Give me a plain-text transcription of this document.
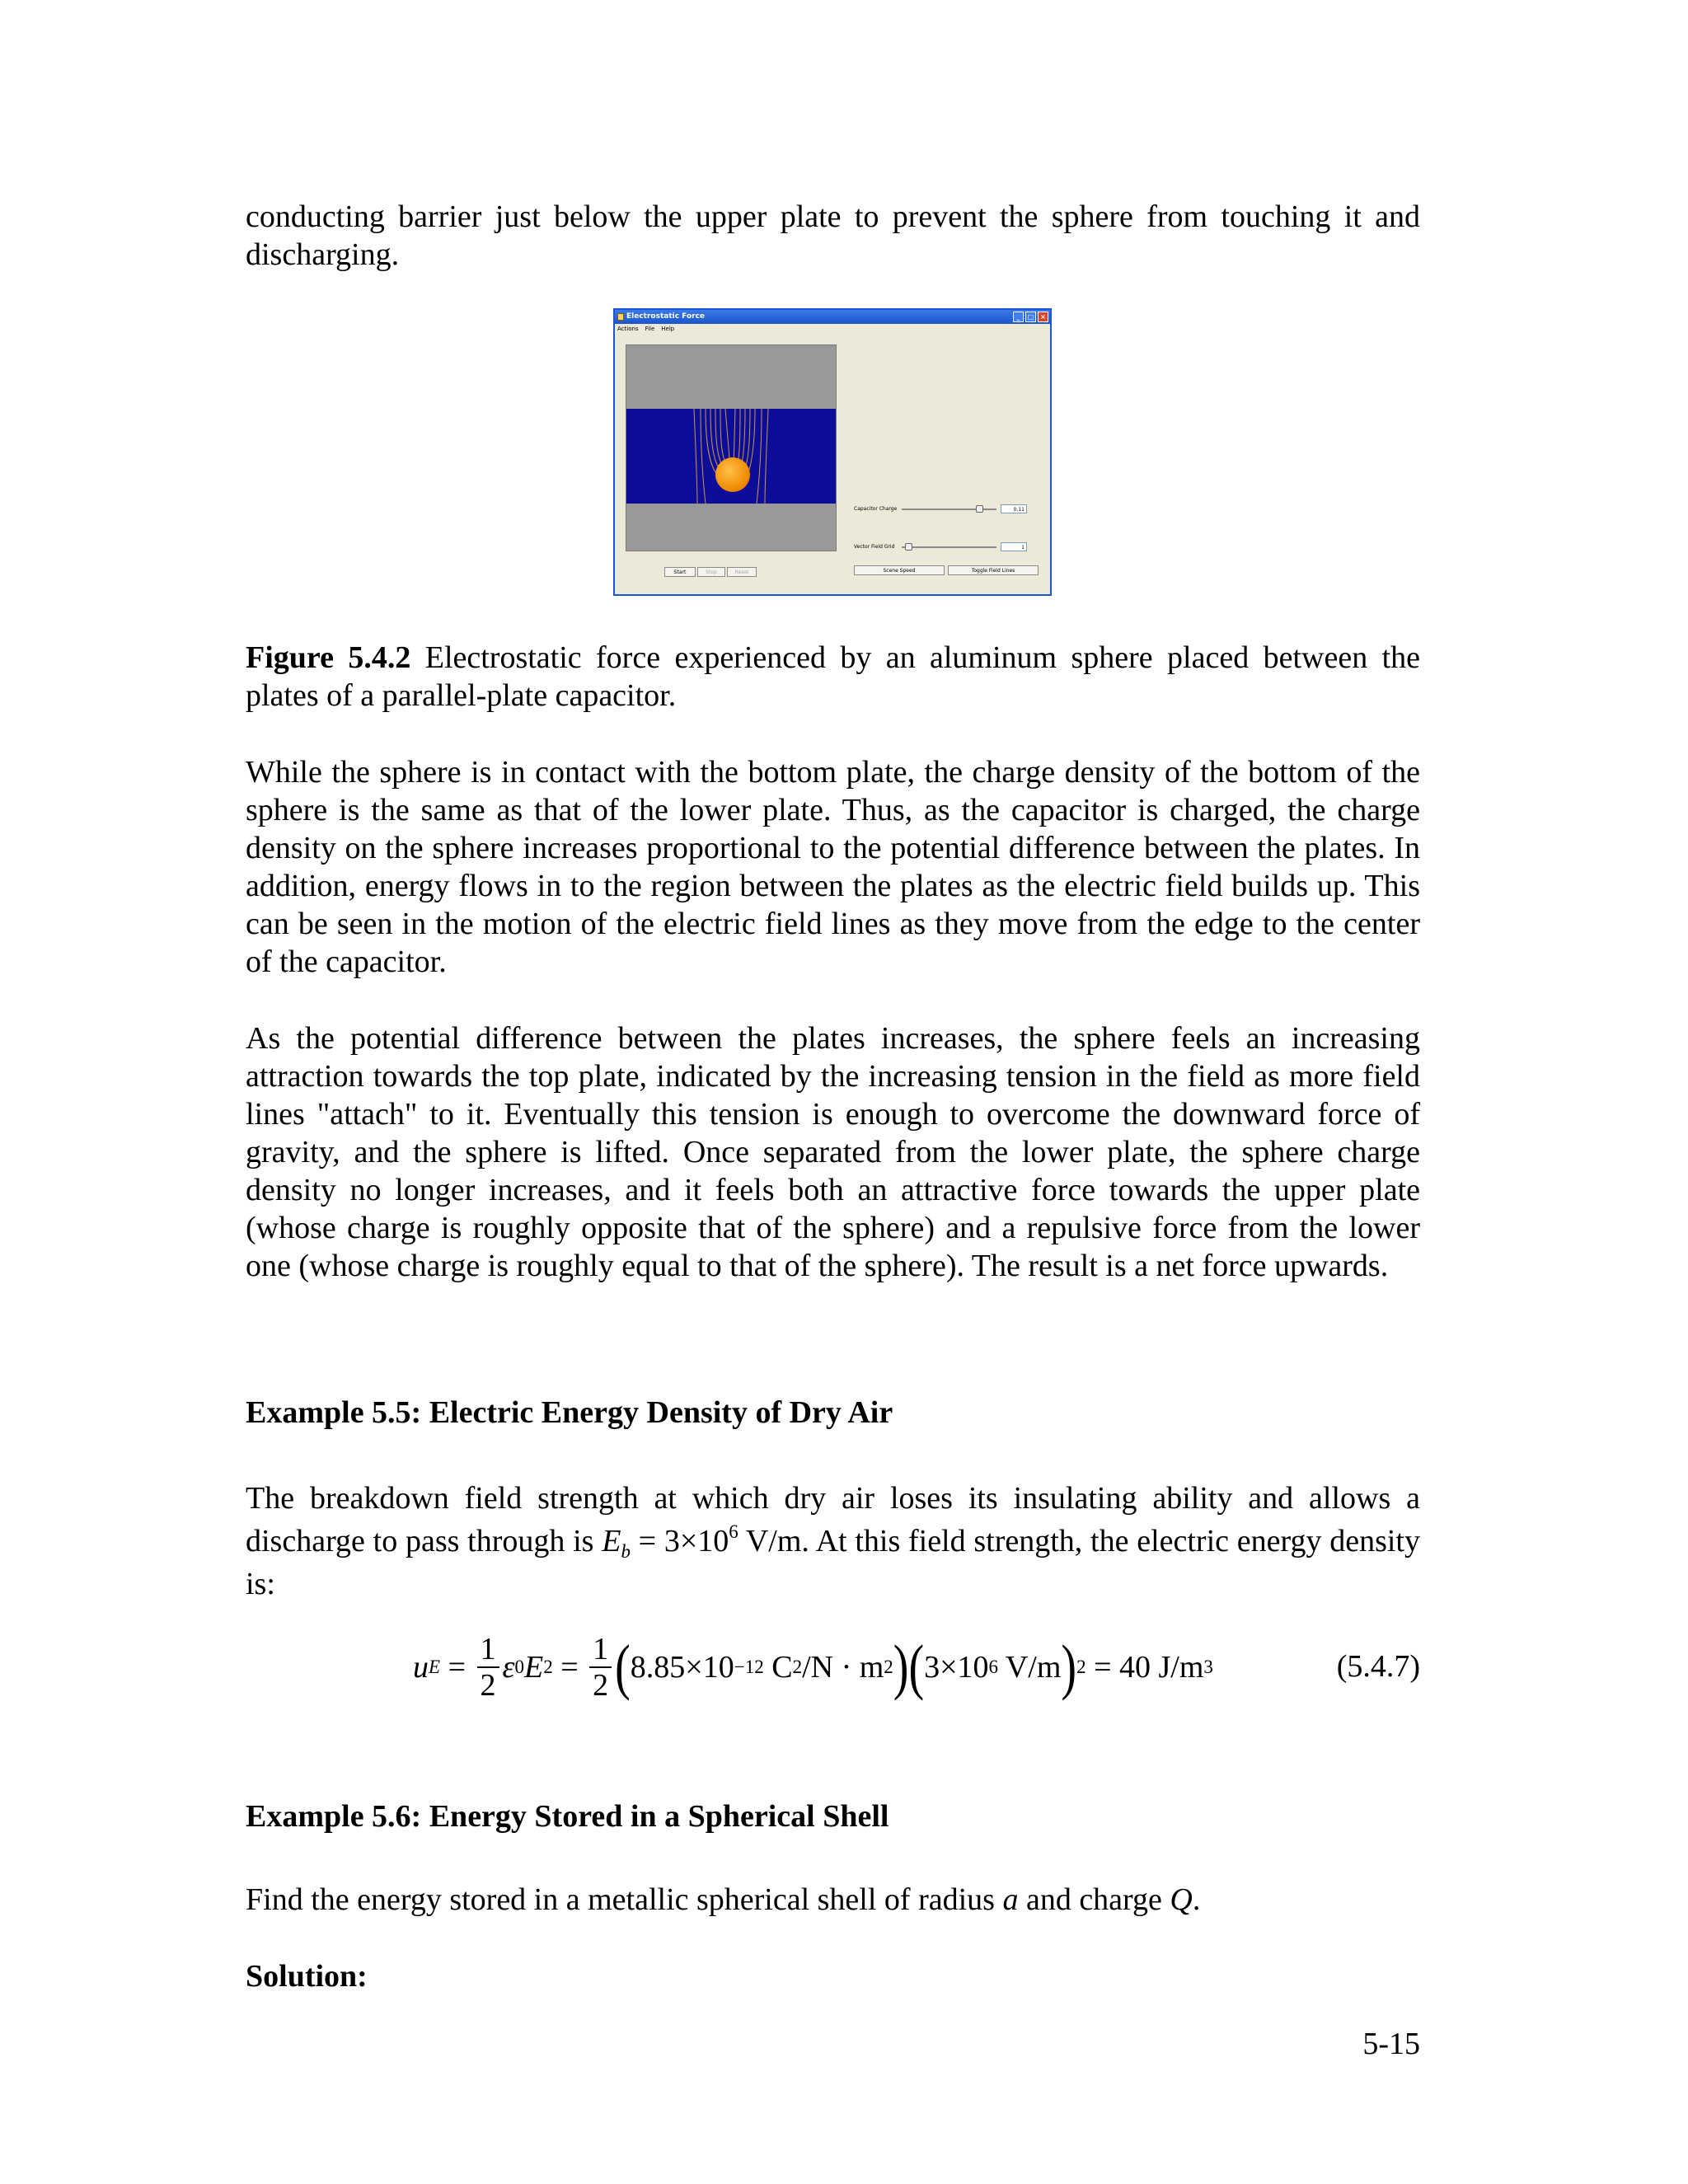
conducting barrier just below the upper plate to prevent the sphere from touching it and discharging.

Electrostatic Force	_	□ ×
Actions File Help
Capacitor Charge	0.11
Vector Field Grid	1
Start	Stop	Reset	Scene Speed	Toggle Field Lines

Figure 5.4.2 Electrostatic force experienced by an aluminum sphere placed between the plates of a parallel-plate capacitor.

While the sphere is in contact with the bottom plate, the charge density of the bottom of the sphere is the same as that of the lower plate. Thus, as the capacitor is charged, the charge density on the sphere increases proportional to the potential difference between the plates. In addition, energy flows in to the region between the plates as the electric field builds up. This can be seen in the motion of the electric field lines as they move from the edge to the center of the capacitor.

As the potential difference between the plates increases, the sphere feels an increasing attraction towards the top plate, indicated by the increasing tension in the field as more field lines "attach" to it. Eventually this tension is enough to overcome the downward force of gravity, and the sphere is lifted. Once separated from the lower plate, the sphere charge density no longer increases, and it feels both an attractive force towards the upper plate (whose charge is roughly opposite that of the sphere) and a repulsive force from the lower one (whose charge is roughly equal to that of the sphere). The result is a net force upwards.

Example 5.5: Electric Energy Density of Dry Air

The breakdown field strength at which dry air loses its insulating ability and allows a discharge to pass through is $E_b = 3\times 10^6$ V/m. At this field strength, the electric energy density is:

u $E = \frac{1}{2}$ ε 0 E $2 = \frac{1}{2}$ ( 8.85×10 −12 C 2 /N · m 2 ) ( 3×10 6 V/m ) 2 = 40 J/m 3	(5.4.7)

Example 5.6: Energy Stored in a Spherical Shell

Find the energy stored in a metallic spherical shell of radius a and charge Q.

Solution:

5-15
